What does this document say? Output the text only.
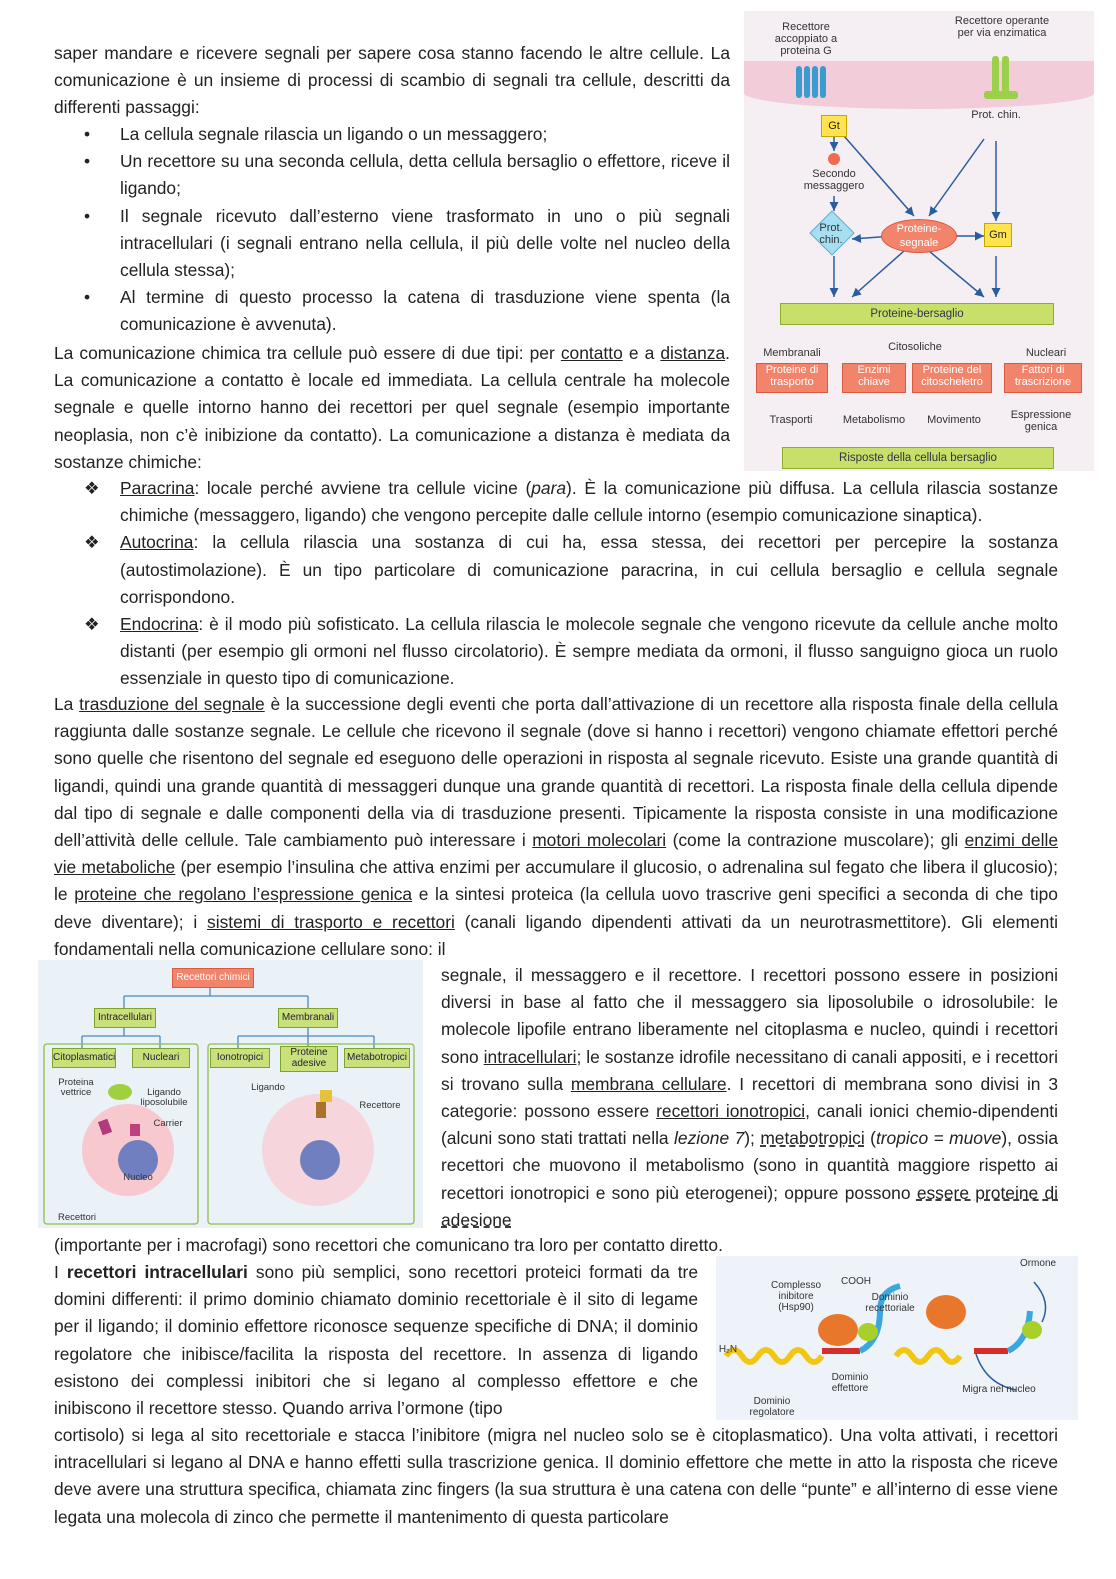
saper mandare e ricevere segnali per sapere cosa stanno facendo le altre cellule. La comunicazione è un insieme di processi di scambio di segnali tra cellule, descritti da differenti passaggi:

• La cellula segnale rilascia un ligando o un messaggero;
• Un recettore su una seconda cellula, detta cellula bersaglio o effettore, riceve il ligando;
• Il segnale ricevuto dall’esterno viene trasformato in uno o più segnali intracellulari (i segnali entrano nella cellula, il più delle volte nel nucleo della cellula stessa);
• Al termine di questo processo la catena di trasduzione viene spenta (la comunicazione è avvenuta).

La comunicazione chimica tra cellule può essere di due tipi: per contatto e a distanza. La comunicazione a contatto è locale ed immediata. La cellula centrale ha molecole segnale e quelle intorno hanno dei recettori per quel segnale (esempio importante neoplasia, non c’è inibizione da contatto). La comunicazione a distanza è mediata da sostanze chimiche:

❖ Paracrina: locale perché avviene tra cellule vicine (para). È la comunicazione più diffusa. La cellula rilascia sostanze chimiche (messaggero, ligando) che vengono percepite dalle cellule intorno (esempio comunicazione sinaptica).
❖ Autocrina: la cellula rilascia una sostanza di cui ha, essa stessa, dei recettori per percepire la sostanza (autostimolazione). È un tipo particolare di comunicazione paracrina, in cui cellula bersaglio e cellula segnale corrispondono.
❖ Endocrina: è il modo più sofisticato. La cellula rilascia le molecole segnale che vengono ricevute da cellule anche molto distanti (per esempio gli ormoni nel flusso circolatorio). È sempre mediata da ormoni, il flusso sanguigno gioca un ruolo essenziale in questo tipo di comunicazione.

La trasduzione del segnale è la successione degli eventi che porta dall’attivazione di un recettore alla risposta finale della cellula raggiunta dalle sostanze segnale. Le cellule che ricevono il segnale (dove si hanno i recettori) vengono chiamate effettori perché sono quelle che risentono del segnale ed eseguono delle operazioni in risposta al segnale ricevuto. Esiste una grande quantità di ligandi, quindi una grande quantità di messaggeri dunque una grande quantità di recettori. La risposta finale della cellula dipende dal tipo di segnale e dalle componenti della via di trasduzione presenti. Tipicamente la risposta consiste in una modificazione dell’attività delle cellule. Tale cambiamento può interessare i motori molecolari (come la contrazione muscolare); gli enzimi delle vie metaboliche (per esempio l’insulina che attiva enzimi per accumulare il glucosio, o adrenalina sul fegato che libera il glucosio); le proteine che regolano l’espressione genica e la sintesi proteica (la cellula uovo trascrive geni specifici a seconda di che tipo deve diventare); i sistemi di trasporto e recettori (canali ligando dipendenti attivati da un neurotrasmettitore). Gli elementi fondamentali nella comunicazione cellulare sono: il

segnale, il messaggero e il recettore. I recettori possono essere in posizioni diversi in base al fatto che il messaggero sia liposolubile o idrosolubile: le molecole lipofile entrano liberamente nel citoplasma e nucleo, quindi i recettori sono intracellulari; le sostanze idrofile necessitano di canali appositi, e i recettori si trovano sulla membrana cellulare. I recettori di membrana sono divisi in 3 categorie: possono essere recettori ionotropici, canali ionici chemio-dipendenti (alcuni sono stati trattati nella lezione 7); metabotropici (tropico = muove), ossia recettori che muovono il metabolismo (sono in quantità maggiore rispetto ai recettori ionotropici e sono più eterogenei); oppure possono essere proteine di adesione

(importante per i macrofagi) sono recettori che comunicano tra loro per contatto diretto.

I recettori intracellulari sono più semplici, sono recettori proteici formati da tre domini differenti: il primo dominio chiamato dominio recettoriale è il sito di legame per il ligando; il dominio effettore riconosce sequenze specifiche di DNA; il dominio regolatore che inibisce/facilita la risposta del recettore. In assenza di ligando esistono dei complessi inibitori che si legano al complesso effettore e che inibiscono il recettore stesso. Quando arriva l’ormone (tipo

cortisolo) si lega al sito recettoriale e stacca l’inibitore (migra nel nucleo solo se è citoplasmatico). Una volta attivati, i recettori intracellulari si legano al DNA e hanno effetti sulla trascrizione genica. Il dominio effettore che mette in atto la risposta che riceve deve avere una struttura specifica, chiamata zinc fingers (la sua struttura è una catena con delle “punte” e all’interno di esse viene legata una molecola di zinco che permette il mantenimento di questa particolare

Recettore accoppiato a proteina G
Recettore operante per via enzimatica
Gt
Prot. chin.
Secondo messaggero
Prot. chin.
Proteine- segnale
Gm
Proteine-bersaglio
Membranali	Citosoliche	Nucleari
Proteine di trasporto
Enzimi chiave
Proteine del citoscheletro
Fattori di trascrizione
Trasporti	Metabolismo	Movimento	Espressione genica
Risposte della cellula bersaglio
Recettori chimici
Intracellulari	Membranali
Citoplasmatici	Nucleari	Ionotropici	Proteine adesive
Metabotropici
Proteina vettrice	Ligando liposolubile
Carrier
Nucleo
Recettori
Ligando
Recettore
Complesso inibitore (Hsp90)
COOH
Dominio recettoriale
Ormone
H₂N
Dominio effettore
Dominio regolatore
Migra nel nucleo
